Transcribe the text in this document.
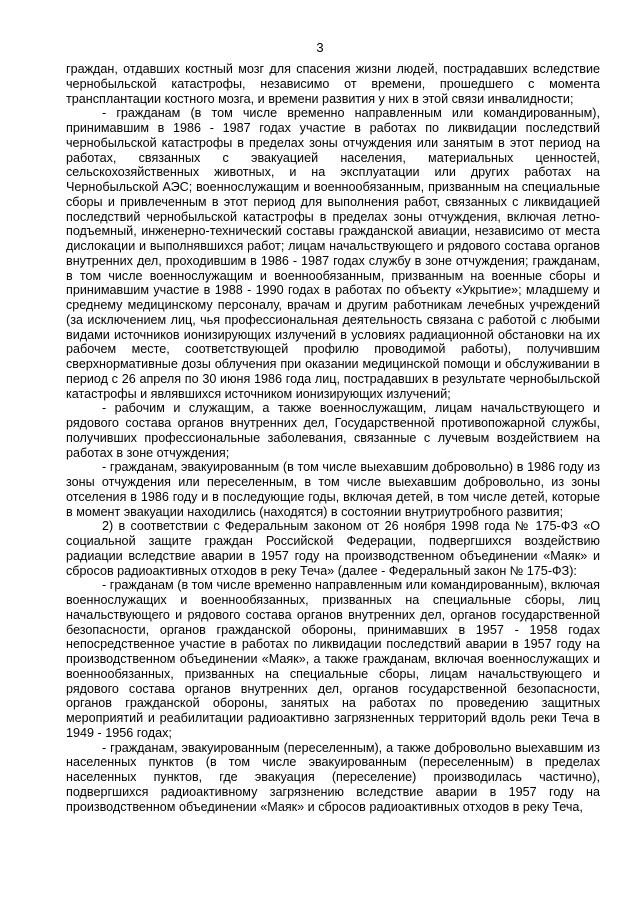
3

граждан, отдавших костный мозг для спасения жизни людей, пострадавших вследствие чернобыльской катастрофы, независимо от времени, прошедшего с момента трансплантации костного мозга, и времени развития у них в этой связи инвалидности;

- гражданам (в том числе временно направленным или командированным), принимавшим в 1986 - 1987 годах участие в работах по ликвидации последствий чернобыльской катастрофы в пределах зоны отчуждения или занятым в этот период на работах, связанных с эвакуацией населения, материальных ценностей, сельскохозяйственных животных, и на эксплуатации или других работах на Чернобыльской АЭС; военнослужащим и военнообязанным, призванным на специальные сборы и привлеченным в этот период для выполнения работ, связанных с ликвидацией последствий чернобыльской катастрофы в пределах зоны отчуждения, включая летно-подъемный, инженерно-технический составы гражданской авиации, независимо от места дислокации и выполнявшихся работ; лицам начальствующего и рядового состава органов внутренних дел, проходившим в 1986 - 1987 годах службу в зоне отчуждения; гражданам, в том числе военнослужащим и военнообязанным, призванным на военные сборы и принимавшим участие в 1988 - 1990 годах в работах по объекту «Укрытие»; младшему и среднему медицинскому персоналу, врачам и другим работникам лечебных учреждений (за исключением лиц, чья профессиональная деятельность связана с работой с любыми видами источников ионизирующих излучений в условиях радиационной обстановки на их рабочем месте, соответствующей профилю проводимой работы), получившим сверхнормативные дозы облучения при оказании медицинской помощи и обслуживании в период с 26 апреля по 30 июня 1986 года лиц, пострадавших в результате чернобыльской катастрофы и являвшихся источником ионизирующих излучений;

- рабочим и служащим, а также военнослужащим, лицам начальствующего и рядового состава органов внутренних дел, Государственной противопожарной службы, получивших профессиональные заболевания, связанные с лучевым воздействием на работах в зоне отчуждения;

- гражданам, эвакуированным (в том числе выехавшим добровольно) в 1986 году из зоны отчуждения или переселенным, в том числе выехавшим добровольно, из зоны отселения в 1986 году и в последующие годы, включая детей, в том числе детей, которые в момент эвакуации находились (находятся) в состоянии внутриутробного развития;

2) в соответствии с Федеральным законом от 26 ноября 1998 года № 175-ФЗ «О социальной защите граждан Российской Федерации, подвергшихся воздействию радиации вследствие аварии в 1957 году на производственном объединении «Маяк» и сбросов радиоактивных отходов в реку Теча» (далее - Федеральный закон № 175-ФЗ):

- гражданам (в том числе временно направленным или командированным), включая военнослужащих и военнообязанных, призванных на специальные сборы, лиц начальствующего и рядового состава органов внутренних дел, органов государственной безопасности, органов гражданской обороны, принимавших в 1957 - 1958 годах непосредственное участие в работах по ликвидации последствий аварии в 1957 году на производственном объединении «Маяк», а также гражданам, включая военнослужащих и военнообязанных, призванных на специальные сборы, лицам начальствующего и рядового состава органов внутренних дел, органов государственной безопасности, органов гражданской обороны, занятых на работах по проведению защитных мероприятий и реабилитации радиоактивно загрязненных территорий вдоль реки Теча в 1949 - 1956 годах;

- гражданам, эвакуированным (переселенным), а также добровольно выехавшим из населенных пунктов (в том числе эвакуированным (переселенным) в пределах населенных пунктов, где эвакуация (переселение) производилась частично), подвергшихся радиоактивному загрязнению вследствие аварии в 1957 году на производственном объединении «Маяк» и сбросов радиоактивных отходов в реку Теча,
